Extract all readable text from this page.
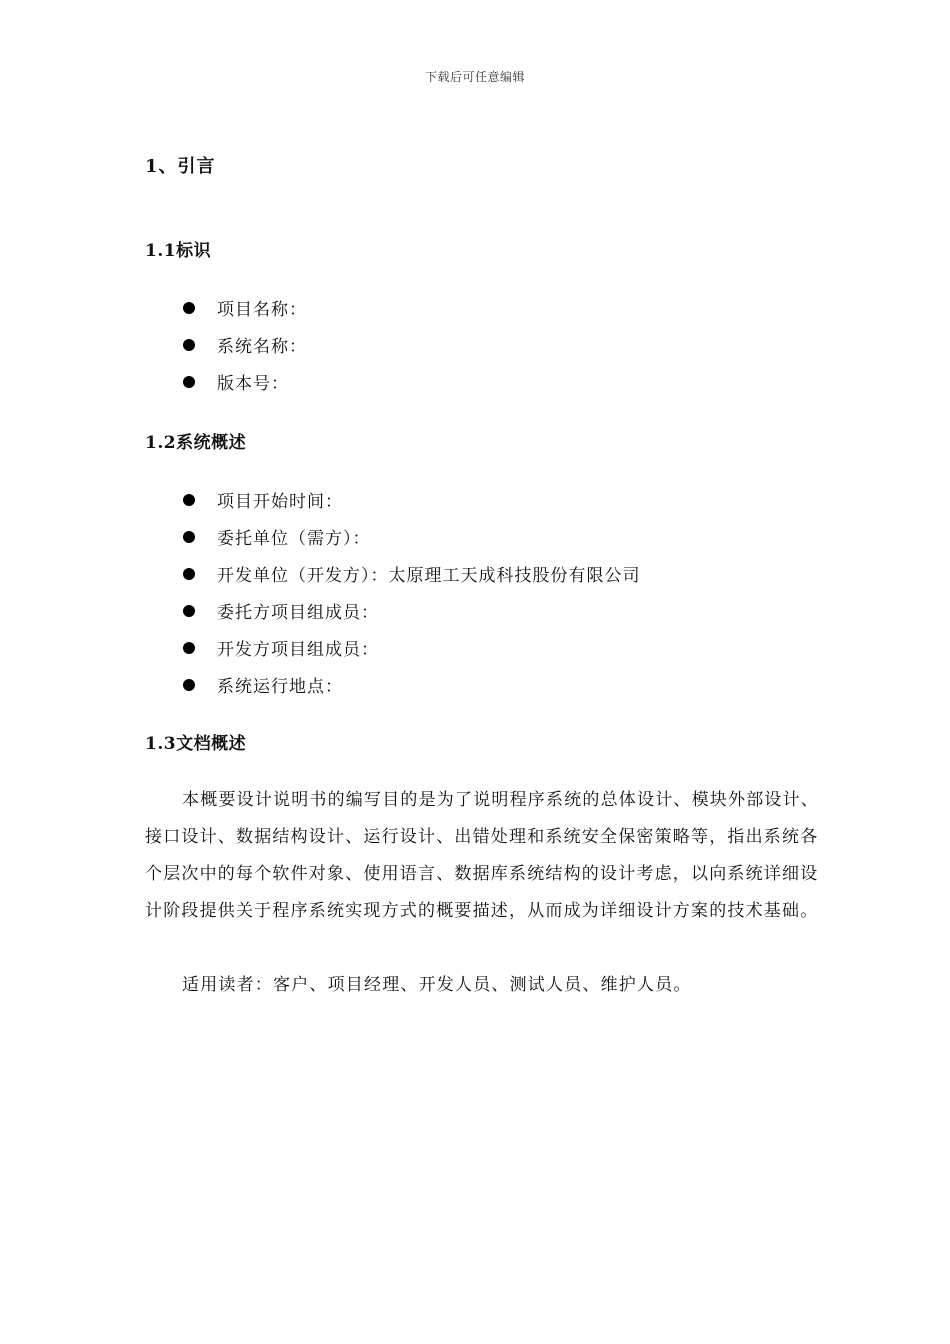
下载后可任意编辑
1、引言
1.1标识
项目名称：
系统名称：
版本号：
1.2系统概述
项目开始时间：
委托单位（需方）：
开发单位（开发方）：太原理工天成科技股份有限公司
委托方项目组成员：
开发方项目组成员：
系统运行地点：
1.3文档概述

本概要设计说明书的编写目的是为了说明程序系统的总体设计、模块外部设计、接口设计、数据结构设计、运行设计、出错处理和系统安全保密策略等，指出系统各个层次中的每个软件对象、使用语言、数据库系统结构的设计考虑，以向系统详细设计阶段提供关于程序系统实现方式的概要描述，从而成为详细设计方案的技术基础。

适用读者：客户、项目经理、开发人员、测试人员、维护人员。
